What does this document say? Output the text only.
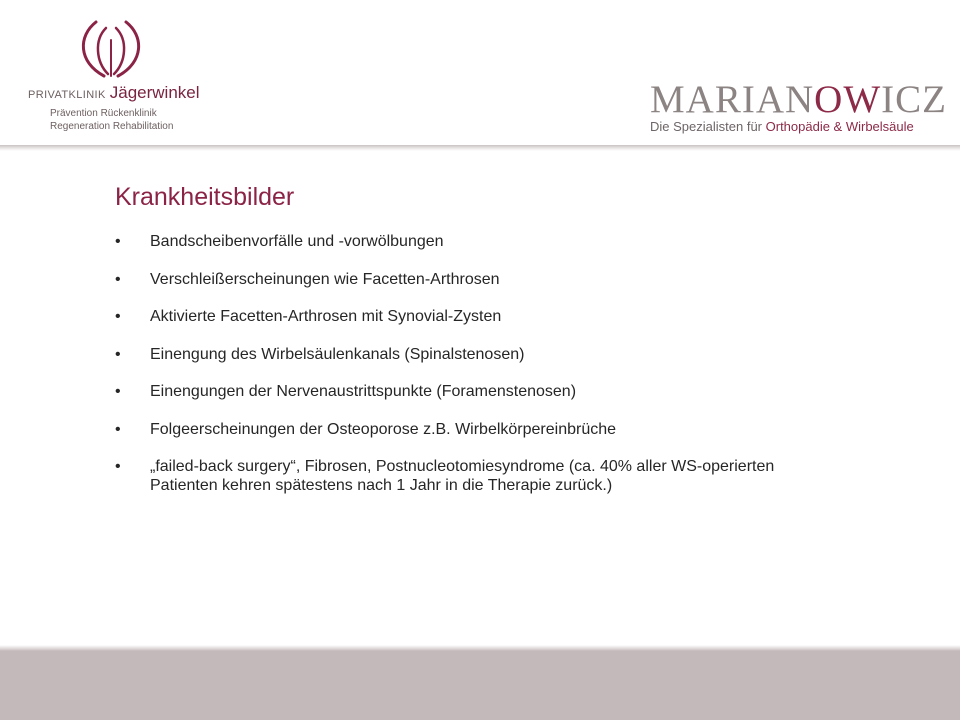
PRIVATKLINIK Jägerwinkel
Prävention Rückenklinik
Regeneration Rehabilitation
MARIANOWICZ
Die Spezialisten für Orthopädie & Wirbelsäule
Krankheitsbilder
• Bandscheibenvorfälle und -vorwölbungen
• Verschleißerscheinungen wie Facetten-Arthrosen
• Aktivierte Facetten-Arthrosen mit Synovial-Zysten
• Einengung des Wirbelsäulenkanals (Spinalstenosen)
• Einengungen der Nervenaustrittspunkte (Foramenstenosen)
• Folgeerscheinungen der Osteoporose z.B. Wirbelkörpereinbrüche
• „failed-back surgery“, Fibrosen, Postnucleotomiesyndrome (ca. 40% aller WS-operierten Patienten kehren spätestens nach 1 Jahr in die Therapie zurück.)
